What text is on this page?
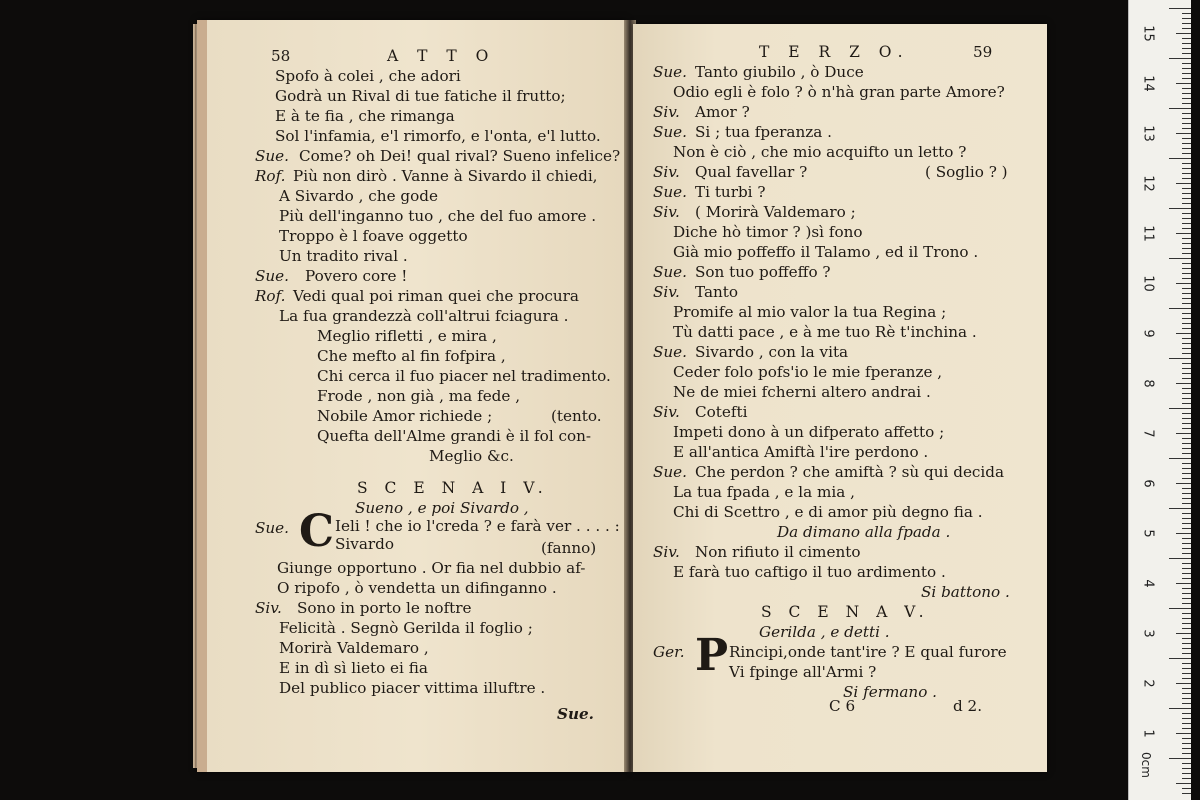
58	A T T O
Spofo à colei , che adori
Godrà un Rival di tue fatiche il frutto;
E à te fia , che rimanga
Sol l'infamia, e'l rimorfo, e l'onta, e'l lutto.
Sue. Come? oh Dei! qual rival? Sueno infelice?
Rof. Più non dirò . Vanne à Sivardo il chiedi,
A Sivardo , che gode
Più dell'inganno tuo , che del fuo amore .
Troppo è l foave oggetto
Un tradito rival .
Sue. Povero core !
Rof. Vedi qual poi riman quei che procura
La fua grandezzà coll'altrui fciagura .
Meglio rifletti , e mira ,
Che mefto al fin fofpira ,
Chi cerca il fuo piacer nel tradimento.
Frode , non già , ma fede ,
Nobile Amor richiede ;	(tento.
Quefta dell'Alme grandi è il fol con-
Meglio &c.
S C E N A I V.
Sueno , e poi Sivardo ,
Sue. C Ieli ! che io l'creda ? e farà ver . . . . :
Sivardo	(fanno)
Giunge opportuno . Or fia nel dubbio af-
O ripofo , ò vendetta un difinganno .
Siv. Sono in porto le noftre
Felicità . Segnò Gerilda il foglio ;
Morirà Valdemaro ,
E in dì sì lieto ei fia
Del publico piacer vittima illuftre .
Sue.
T E R Z O.	59
Sue. Tanto giubilo , ò Duce
Odio egli è folo ? ò n'hà gran parte Amore?
Siv. Amor ?
Sue. Si ; tua fperanza .
Non è ciò , che mio acquifto un letto ?
Siv. Qual favellar ?	( Soglio ? )
Sue. Ti turbi ?
Siv. ( Morirà Valdemaro ;
Diche hò timor ? )sì fono
Già mio poffeffo il Talamo , ed il Trono .
Sue. Son tuo poffeffo ?
Siv. Tanto
Promife al mio valor la tua Regina ;
Tù datti pace , e à me tuo Rè t'inchina .
Sue. Sivardo , con la vita
Ceder folo pofs'io le mie fperanze ,
Ne de miei fcherni altero andrai .
Siv. Cotefti
Impeti dono à un difperato affetto ;
E all'antica Amiftà l'ire perdono .
Sue. Che perdon ? che amiftà ? sù qui decida
La tua fpada , e la mia ,
Chi di Scettro , e di amor più degno fia .
Da dimano alla fpada .
Siv. Non rifiuto il cimento
E farà tuo caftigo il tuo ardimento .
Si battono .
S C E N A V.
Gerilda , e detti .
Ger. P Rincipi,onde tant'ire ? E qual furore
Vi fpinge all'Armi ?
Si fermano .
C 6	d 2.
15
14
13
12
11
10
9
8
7
6
5
4
3
2
1
0cm
